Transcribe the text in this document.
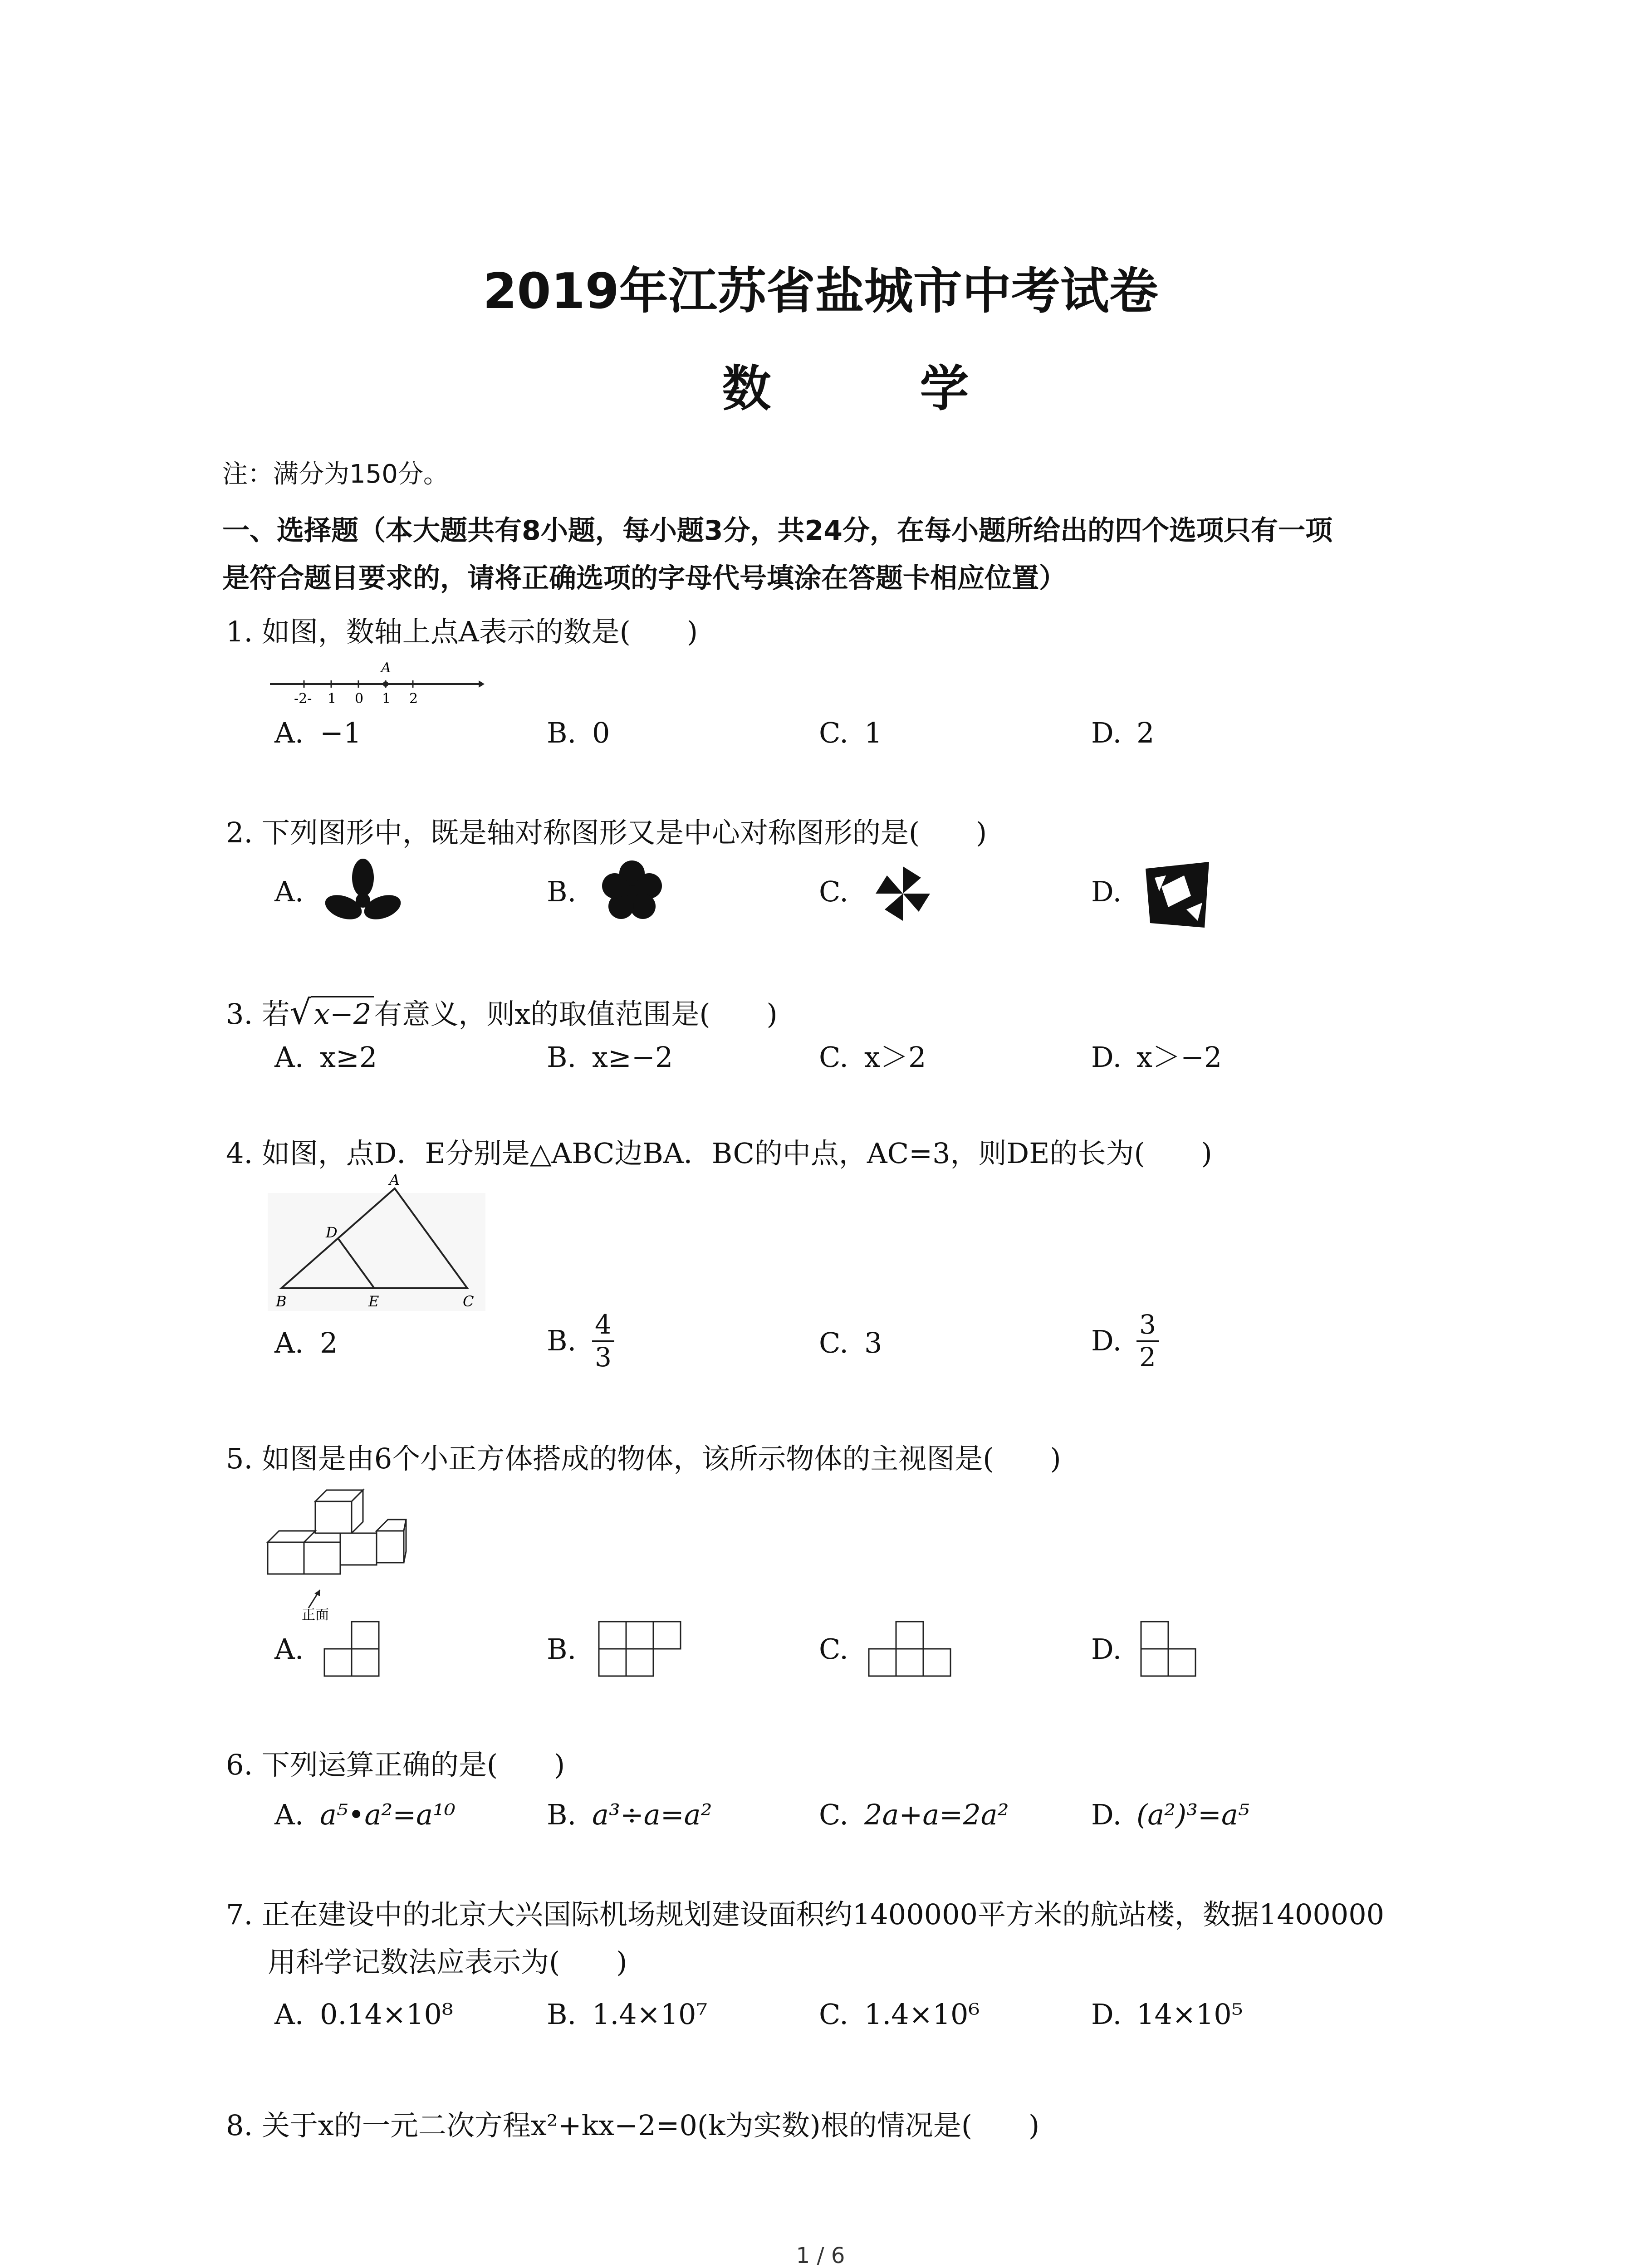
2019年江苏省盐城市中考试卷
数　学
注：满分为150分。
一、选择题（本大题共有8小题，每小题3分，共24分，在每小题所给出的四个选项只有一项
是符合题目要求的，请将正确选项的字母代号填涂在答题卡相应位置）
1. 如图，数轴上点A表示的数是(　　)
A
-2- 1 0 1 2
A. −1	B. 0	C. 1	D. 2
2. 下列图形中，既是轴对称图形又是中心对称图形的是(　　)
A.	B.	C.	D.
3. 若√x−2有意义，则x的取值范围是(　　)
A. x≥2	B. x≥−2	C. x＞2	D. x＞−2
4. 如图，点D．E分别是△ABC边BA．BC的中点，AC=3，则DE的长为(　　)
A
D
B	E	C
A. 2	B. $\frac{4}{3}$	C. 3	D. $\frac{3}{2}$
5. 如图是由6个小正方体搭成的物体，该所示物体的主视图是(　　)
正面
A.	B.	C.	D.
6. 下列运算正确的是(　　)
A. a⁵•a²=a¹⁰	B. a³÷a=a²	C. 2a+a=2a²	D. (a²)³=a⁵
7. 正在建设中的北京大兴国际机场规划建设面积约1400000平方米的航站楼，数据1400000
用科学记数法应表示为(　　)
A. 0.14×10⁸	B. 1.4×10⁷	C. 1.4×10⁶	D. 14×10⁵
8. 关于x的一元二次方程x²+kx−2=0(k为实数)根的情况是(　　)
1 / 6
